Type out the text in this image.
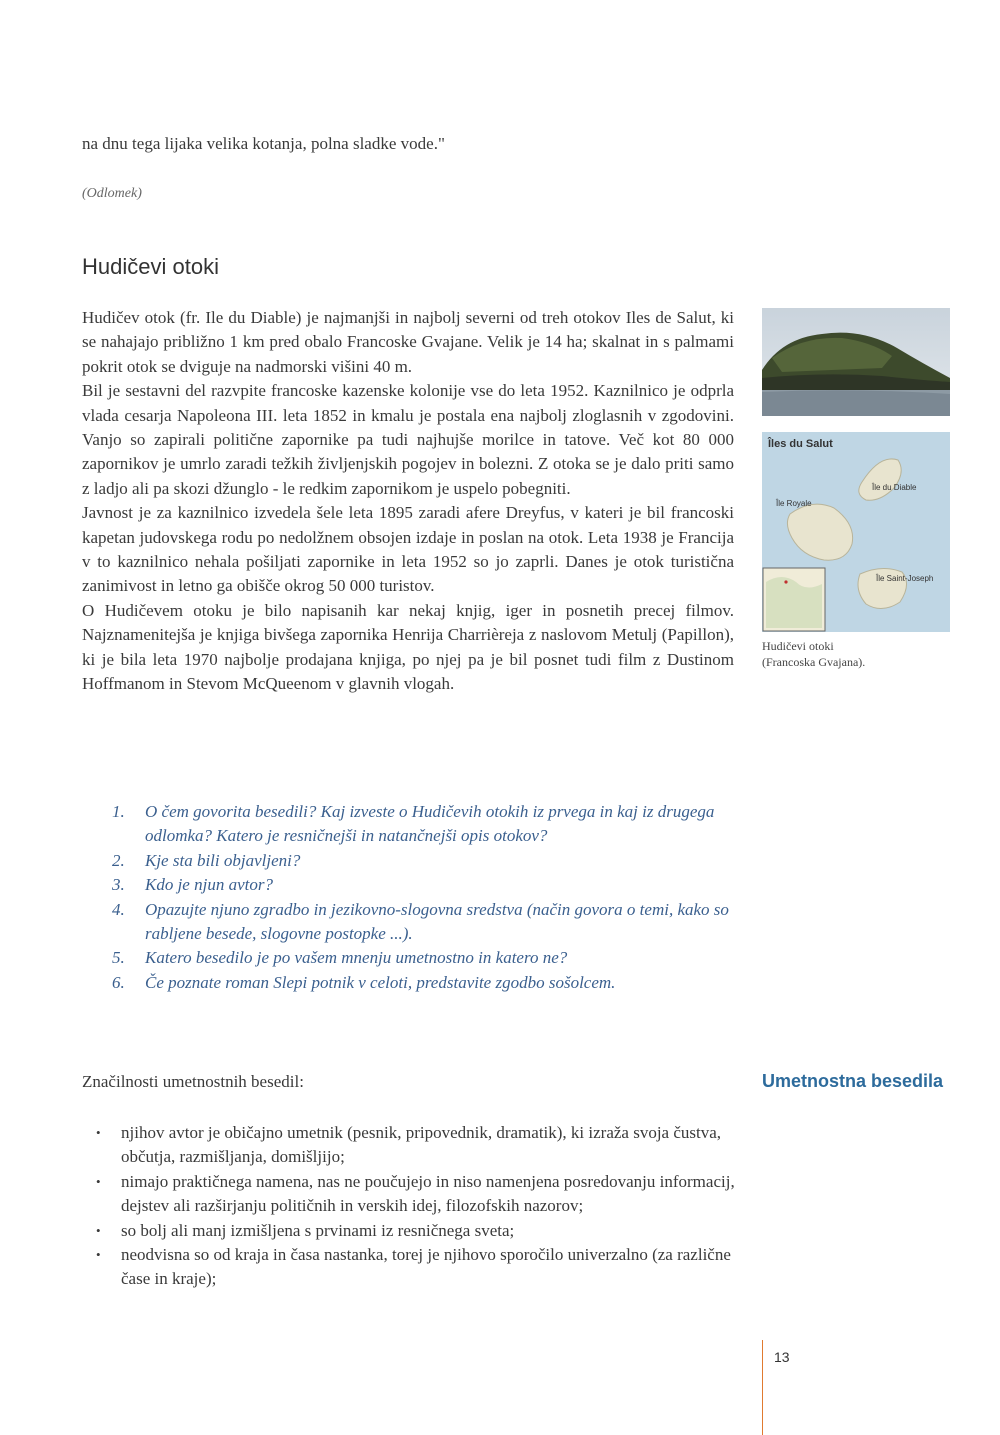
na dnu tega lijaka velika kotanja, polna sladke vode."
(Odlomek)
Hudičevi otoki

Hudičev otok (fr. Ile du Diable) je najmanjši in najbolj severni od treh otokov Iles de Salut, ki se nahajajo približno 1 km pred obalo Francoske Gvajane. Velik je 14 ha; skalnat in s palmami pokrit otok se dviguje na nadmorski višini 40 m.

Bil je sestavni del razvpite francoske kazenske kolonije vse do leta 1952. Kaznilnico je odprla vlada cesarja Napoleona III. leta 1852 in kmalu je postala ena najbolj zloglasnih v zgodovini. Vanjo so zapirali politične zapornike pa tudi najhujše morilce in tatove. Več kot 80 000 zapornikov je umrlo zaradi težkih življenjskih pogojev in bolezni. Z otoka se je dalo priti samo z ladjo ali pa skozi džunglo - le redkim zapornikom je uspelo pobegniti.

Javnost je za kaznilnico izvedela šele leta 1895 zaradi afere Dreyfus, v kateri je bil francoski kapetan judovskega rodu po nedolžnem obsojen izdaje in poslan na otok. Leta 1938 je Francija v to kaznilnico nehala pošiljati zapornike in leta 1952 so jo zaprli. Danes je otok turistična zanimivost in letno ga obišče okrog 50 000 turistov.

O Hudičevem otoku je bilo napisanih kar nekaj knjig, iger in posnetih precej filmov. Najznamenitejša je knjiga bivšega zapornika Henrija Charrièreja z naslovom Metulj (Papillon), ki je bila leta 1970 najbolje prodajana knjiga, po njej pa je bil posnet tudi film z Dustinom Hoffmanom in Stevom McQueenom v glavnih vlogah.

Îles du Salut
Île du Diable
Île Royale
Île Saint-Joseph
Hudičevi otoki
(Francoska Gvajana).
1. O čem govorita besedili? Kaj izveste o Hudičevih otokih iz prvega in kaj iz drugega odlomka? Katero je resničnejši in natančnejši opis otokov?
2. Kje sta bili objavljeni?
3. Kdo je njun avtor?
4. Opazujte njuno zgradbo in jezikovno-slogovna sredstva (način govora o temi, kako so rabljene besede, slogovne postopke ...).
5. Katero besedilo je po vašem mnenju umetnostno in katero ne?
6. Če poznate roman Slepi potnik v celoti, predstavite zgodbo sošolcem.
Značilnosti umetnostnih besedil:	Umetnostna besedila
• njihov avtor je običajno umetnik (pesnik, pripovednik, dramatik), ki izraža svoja čustva, občutja, razmišljanja, domišljijo;
• nimajo praktičnega namena, nas ne poučujejo in niso namenjena posredovanju informacij, dejstev ali razširjanju političnih in verskih idej, filozofskih nazorov;
• so bolj ali manj izmišljena s prvinami iz resničnega sveta;
• neodvisna so od kraja in časa nastanka, torej je njihovo sporočilo univerzalno (za različne čase in kraje);
13
